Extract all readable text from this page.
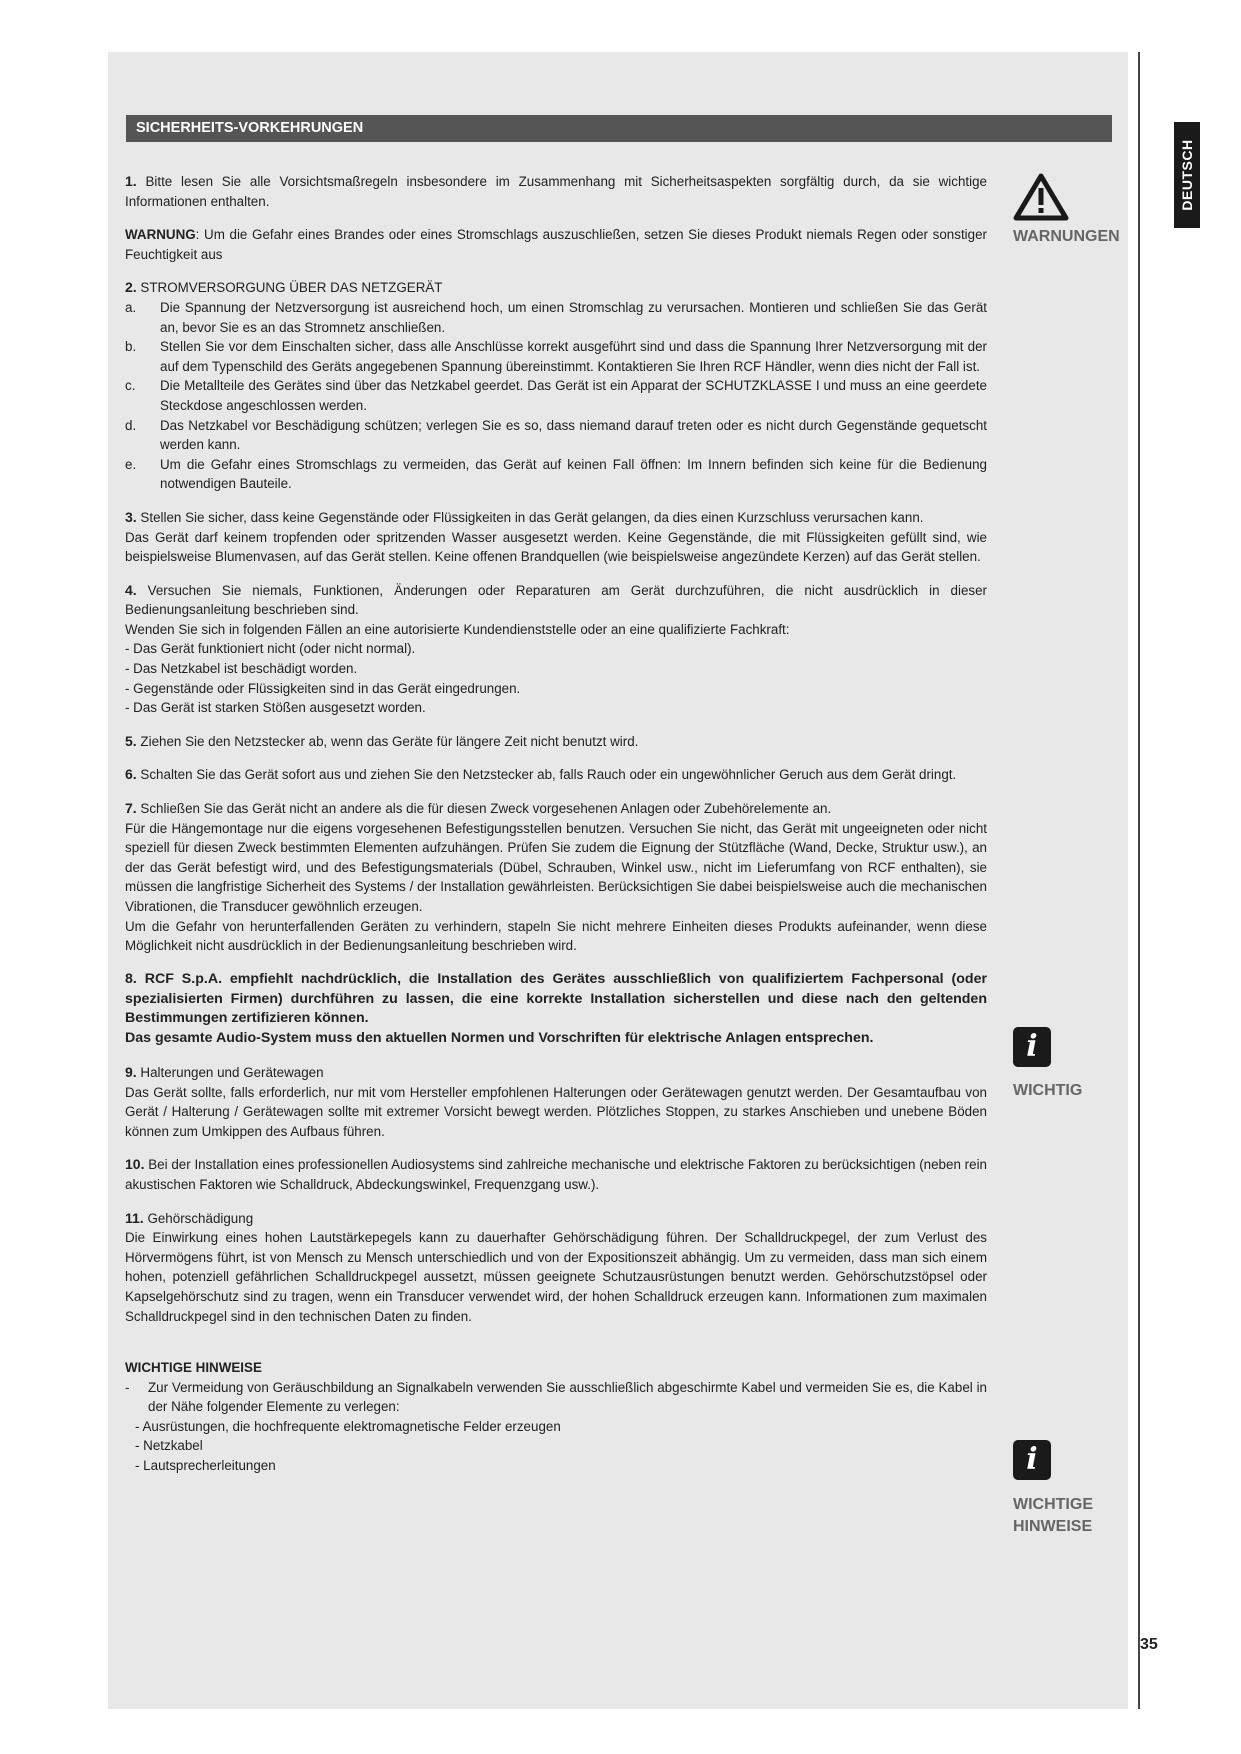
DEUTSCH
SICHERHEITS-VORKEHRUNGEN
WARNUNGEN
i
WICHTIG
i
WICHTIGE
HINWEISE

1. Bitte lesen Sie alle Vorsichtsmaßregeln insbesondere im Zusammenhang mit Sicherheitsaspekten sorgfältig durch, da sie wichtige Informationen enthalten.

WARNUNG: Um die Gefahr eines Brandes oder eines Stromschlags auszuschließen, setzen Sie dieses Produkt niemals Regen oder sonstiger Feuchtigkeit aus

2. STROMVERSORGUNG ÜBER DAS NETZGERÄT

a.	Die Spannung der Netzversorgung ist ausreichend hoch, um einen Stromschlag zu verursachen. Montieren und schließen Sie das Gerät an, bevor Sie es an das Stromnetz anschließen.
b.	Stellen Sie vor dem Einschalten sicher, dass alle Anschlüsse korrekt ausgeführt sind und dass die Spannung Ihrer Netzversorgung mit der auf dem Typenschild des Geräts angegebenen Spannung übereinstimmt. Kontaktieren Sie Ihren RCF Händler, wenn dies nicht der Fall ist.
c.	Die Metallteile des Gerätes sind über das Netzkabel geerdet. Das Gerät ist ein Apparat der SCHUTZKLASSE I und muss an eine geerdete Steckdose angeschlossen werden.
d.	Das Netzkabel vor Beschädigung schützen; verlegen Sie es so, dass niemand darauf treten oder es nicht durch Gegenstände gequetscht werden kann.
e.	Um die Gefahr eines Stromschlags zu vermeiden, das Gerät auf keinen Fall öffnen: Im Innern befinden sich keine für die Bedienung notwendigen Bauteile.

3. Stellen Sie sicher, dass keine Gegenstände oder Flüssigkeiten in das Gerät gelangen, da dies einen Kurzschluss verursachen kann.

Das Gerät darf keinem tropfenden oder spritzenden Wasser ausgesetzt werden. Keine Gegenstände, die mit Flüssigkeiten gefüllt sind, wie beispielsweise Blumenvasen, auf das Gerät stellen. Keine offenen Brandquellen (wie beispielsweise angezündete Kerzen) auf das Gerät stellen.

4. Versuchen Sie niemals, Funktionen, Änderungen oder Reparaturen am Gerät durchzuführen, die nicht ausdrücklich in dieser Bedienungsanleitung beschrieben sind.

Wenden Sie sich in folgenden Fällen an eine autorisierte Kundendienststelle oder an eine qualifizierte Fachkraft:

- Das Gerät funktioniert nicht (oder nicht normal).

- Das Netzkabel ist beschädigt worden.

- Gegenstände oder Flüssigkeiten sind in das Gerät eingedrungen.

- Das Gerät ist starken Stößen ausgesetzt worden.

5. Ziehen Sie den Netzstecker ab, wenn das Geräte für längere Zeit nicht benutzt wird.

6. Schalten Sie das Gerät sofort aus und ziehen Sie den Netzstecker ab, falls Rauch oder ein ungewöhnlicher Geruch aus dem Gerät dringt.

7. Schließen Sie das Gerät nicht an andere als die für diesen Zweck vorgesehenen Anlagen oder Zubehörelemente an.

Für die Hängemontage nur die eigens vorgesehenen Befestigungsstellen benutzen. Versuchen Sie nicht, das Gerät mit ungeeigneten oder nicht speziell für diesen Zweck bestimmten Elementen aufzuhängen. Prüfen Sie zudem die Eignung der Stützfläche (Wand, Decke, Struktur usw.), an der das Gerät befestigt wird, und des Befestigungsmaterials (Dübel, Schrauben, Winkel usw., nicht im Lieferumfang von RCF enthalten), sie müssen die langfristige Sicherheit des Systems / der Installation gewährleisten. Berücksichtigen Sie dabei beispielsweise auch die mechanischen Vibrationen, die Transducer gewöhnlich erzeugen.

Um die Gefahr von herunterfallenden Geräten zu verhindern, stapeln Sie nicht mehrere Einheiten dieses Produkts aufeinander, wenn diese Möglichkeit nicht ausdrücklich in der Bedienungsanleitung beschrieben wird.

8. RCF S.p.A. empfiehlt nachdrücklich, die Installation des Gerätes ausschließlich von qualifiziertem Fachpersonal (oder spezialisierten Firmen) durchführen zu lassen, die eine korrekte Installation sicherstellen und diese nach den geltenden Bestimmungen zertifizieren können.

Das gesamte Audio-System muss den aktuellen Normen und Vorschriften für elektrische Anlagen entsprechen.

9. Halterungen und Gerätewagen

Das Gerät sollte, falls erforderlich, nur mit vom Hersteller empfohlenen Halterungen oder Gerätewagen genutzt werden. Der Gesamtaufbau von Gerät / Halterung / Gerätewagen sollte mit extremer Vorsicht bewegt werden. Plötzliches Stoppen, zu starkes Anschieben und unebene Böden können zum Umkippen des Aufbaus führen.

10. Bei der Installation eines professionellen Audiosystems sind zahlreiche mechanische und elektrische Faktoren zu berücksichtigen (neben rein akustischen Faktoren wie Schalldruck, Abdeckungswinkel, Frequenzgang usw.).

11. Gehörschädigung

Die Einwirkung eines hohen Lautstärkepegels kann zu dauerhafter Gehörschädigung führen. Der Schalldruckpegel, der zum Verlust des Hörvermögens führt, ist von Mensch zu Mensch unterschiedlich und von der Expositionszeit abhängig. Um zu vermeiden, dass man sich einem hohen, potenziell gefährlichen Schalldruckpegel aussetzt, müssen geeignete Schutzausrüstungen benutzt werden. Gehörschutzstöpsel oder Kapselgehörschutz sind zu tragen, wenn ein Transducer verwendet wird, der hohen Schalldruck erzeugen kann. Informationen zum maximalen Schalldruckpegel sind in den technischen Daten zu finden.

WICHTIGE HINWEISE

-	Zur Vermeidung von Geräuschbildung an Signalkabeln verwenden Sie ausschließlich abgeschirmte Kabel und vermeiden Sie es, die Kabel in der Nähe folgender Elemente zu verlegen:

- Ausrüstungen, die hochfrequente elektromagnetische Felder erzeugen

- Netzkabel

- Lautsprecherleitungen

35
